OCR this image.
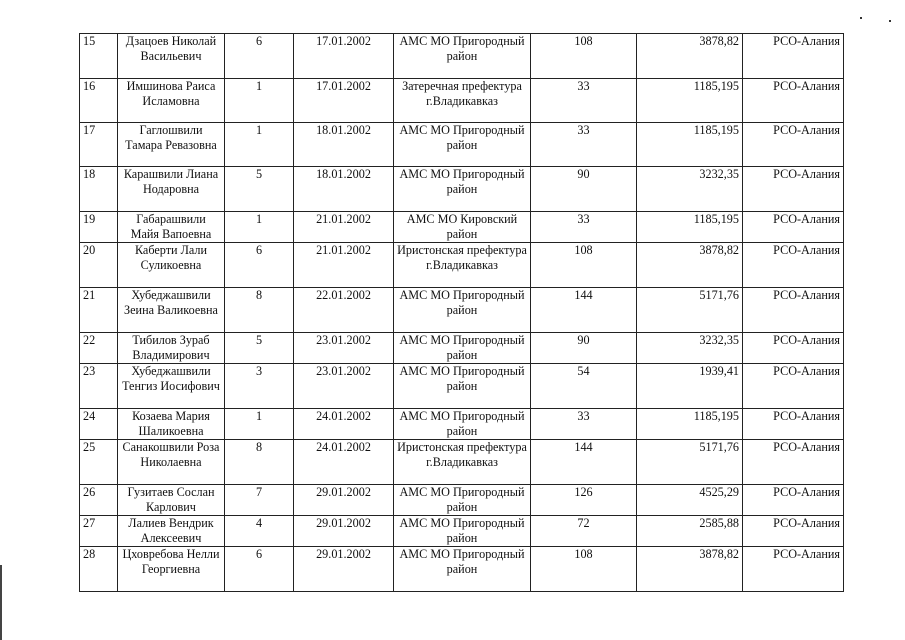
15	Дзацоев Николай Васильевич	6	17.01.2002	АМС МО Пригородный район	108	3878,82	РСО-Алания
16	Имшинова Раиса Исламовна	1	17.01.2002	Затеречная префектура г.Владикавказ	33	1185,195	РСО-Алания
17	Гаглошвили Тамара Ревазовна	1	18.01.2002	АМС МО Пригородный район	33	1185,195	РСО-Алания
18	Карашвили Лиана Нодаровна	5	18.01.2002	АМС МО Пригородный район	90	3232,35	РСО-Алания
19	Габарашвили Майя Вапоевна	1	21.01.2002	АМС МО Кировский район	33	1185,195	РСО-Алания
20	Каберти Лали Суликоевна	6	21.01.2002	Иристонская префектура г.Владикавказ	108	3878,82	РСО-Алания
21	Хубеджашвили Зеина Валикоевна	8	22.01.2002	АМС МО Пригородный район	144	5171,76	РСО-Алания
22	Тибилов Зураб Владимирович	5	23.01.2002	АМС МО Пригородный район	90	3232,35	РСО-Алания
23	Хубеджашвили Тенгиз Иосифович	3	23.01.2002	АМС МО Пригородный район	54	1939,41	РСО-Алания
24	Козаева Мария Шаликоевна	1	24.01.2002	АМС МО Пригородный район	33	1185,195	РСО-Алания
25	Санакошвили Роза Николаевна	8	24.01.2002	Иристонская префектура г.Владикавказ	144	5171,76	РСО-Алания
26	Гузитаев Сослан Карлович	7	29.01.2002	АМС МО Пригородный район	126	4525,29	РСО-Алания
27	Лалиев Вендрик Алексеевич	4	29.01.2002	АМС МО Пригородный район	72	2585,88	РСО-Алания
28	Цховребова Нелли Георгиевна	6	29.01.2002	АМС МО Пригородный район	108	3878,82	РСО-Алания
